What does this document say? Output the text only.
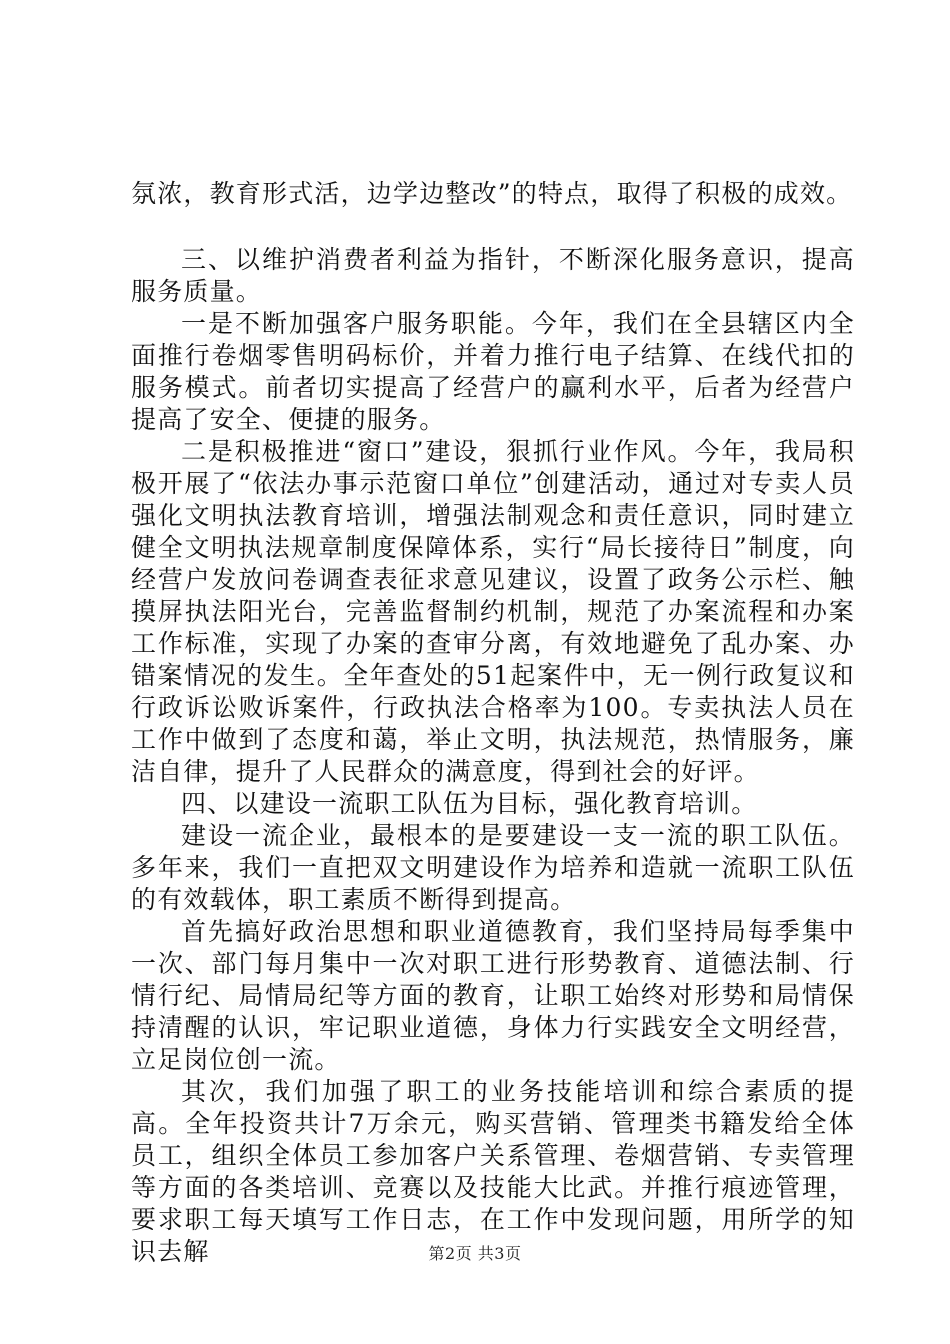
氛浓，教育形式活，边学边整改”的特点，取得了积极的成效。

三、以维护消费者利益为指针，不断深化服务意识，提高服务质量。

一是不断加强客户服务职能。今年，我们在全县辖区内全面推行卷烟零售明码标价，并着力推行电子结算、在线代扣的服务模式。前者切实提高了经营户的赢利水平，后者为经营户提高了安全、便捷的服务。

二是积极推进“窗口”建设，狠抓行业作风。今年，我局积极开展了“依法办事示范窗口单位”创建活动，通过对专卖人员强化文明执法教育培训，增强法制观念和责任意识，同时建立健全文明执法规章制度保障体系，实行“局长接待日”制度，向经营户发放问卷调查表征求意见建议，设置了政务公示栏、触摸屏执法阳光台，完善监督制约机制，规范了办案流程和办案工作标准，实现了办案的查审分离，有效地避免了乱办案、办错案情况的发生。全年查处的51起案件中，无一例行政复议和行政诉讼败诉案件，行政执法合格率为100。专卖执法人员在工作中做到了态度和蔼，举止文明，执法规范，热情服务，廉洁自律，提升了人民群众的满意度，得到社会的好评。

四、以建设一流职工队伍为目标，强化教育培训。

建设一流企业，最根本的是要建设一支一流的职工队伍。多年来，我们一直把双文明建设作为培养和造就一流职工队伍的有效载体，职工素质不断得到提高。

首先搞好政治思想和职业道德教育，我们坚持局每季集中一次、部门每月集中一次对职工进行形势教育、道德法制、行情行纪、局情局纪等方面的教育，让职工始终对形势和局情保持清醒的认识，牢记职业道德，身体力行实践安全文明经营，立足岗位创一流。

其次，我们加强了职工的业务技能培训和综合素质的提高。全年投资共计7万余元，购买营销、管理类书籍发给全体员工，组织全体员工参加客户关系管理、卷烟营销、专卖管理等方面的各类培训、竞赛以及技能大比武。并推行痕迹管理，要求职工每天填写工作日志，在工作中发现问题，用所学的知识去解	第2页 共3页
